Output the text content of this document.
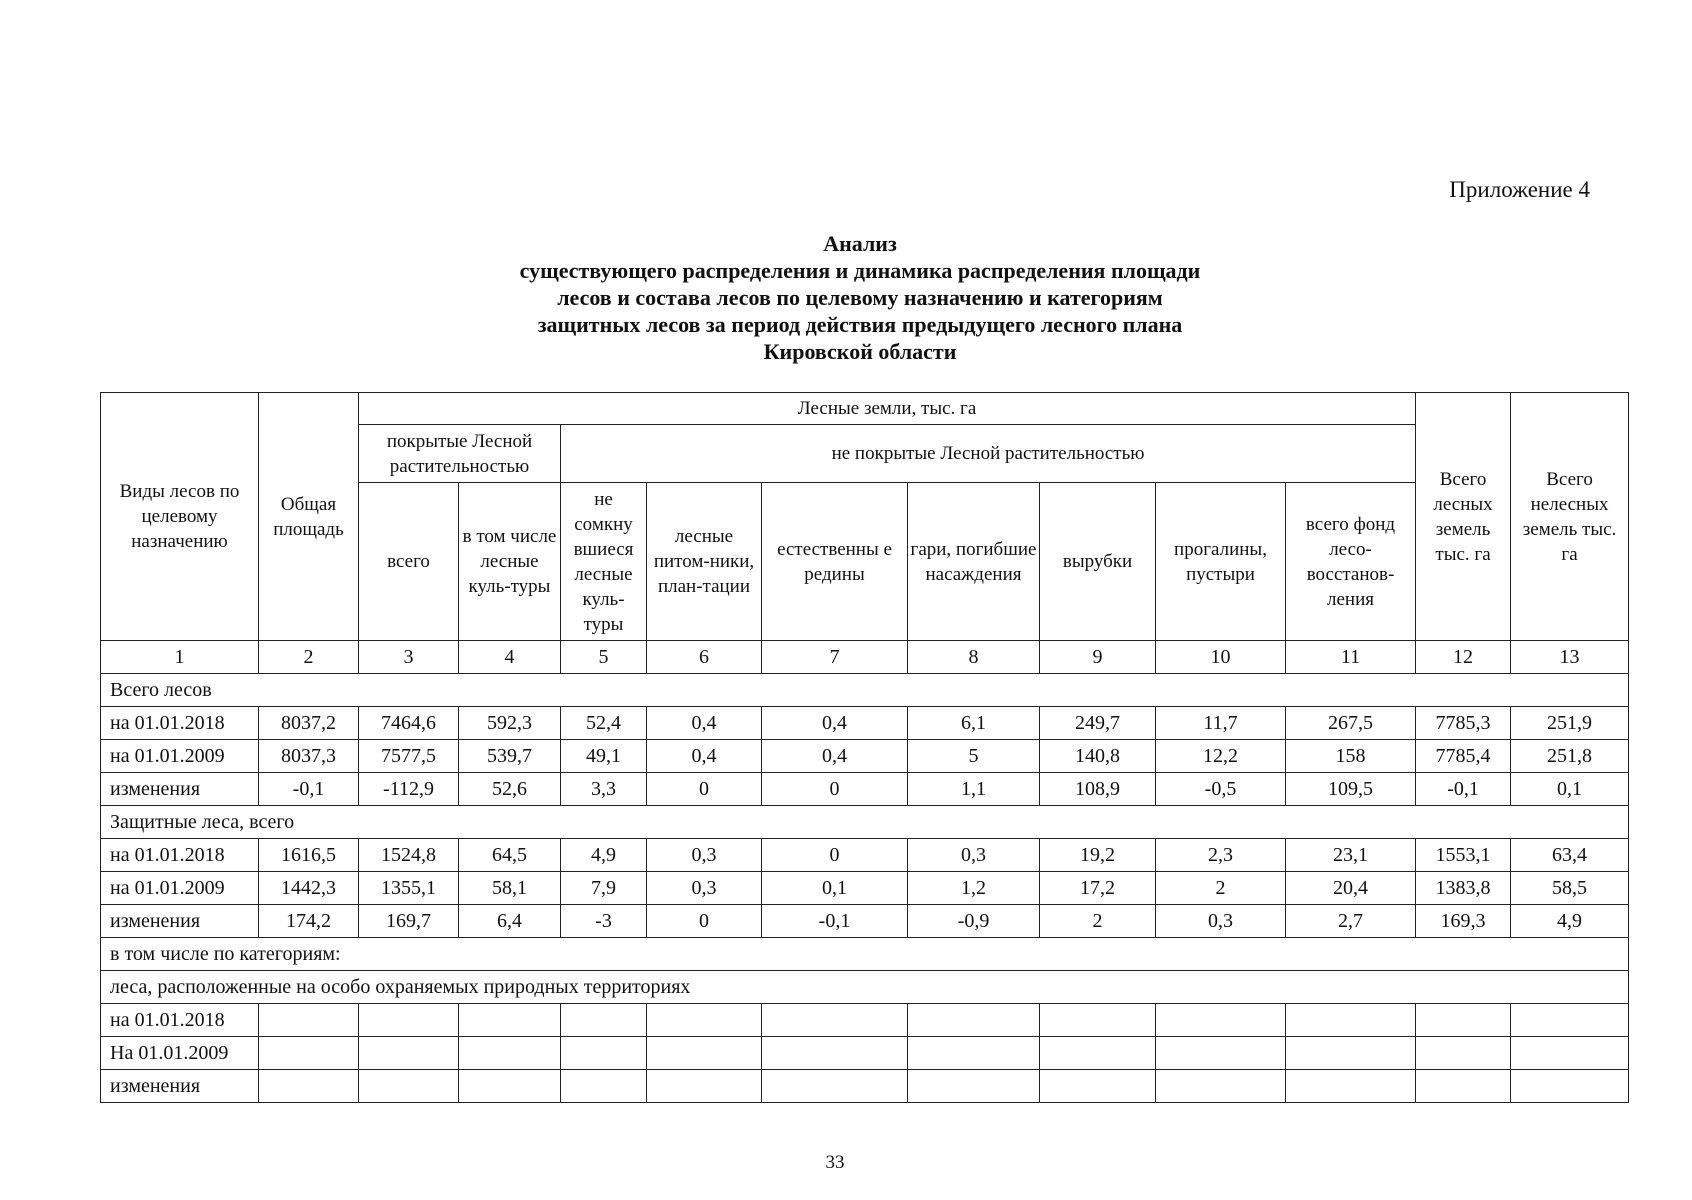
Приложение 4
Анализ
существующего распределения и динамика распределения площади
лесов и состава лесов по целевому назначению и категориям
защитных лесов за период действия предыдущего лесного плана
Кировской области
Виды лесов по целевому назначению	Общая площадь	Лесные земли, тыс. га									Всего лесных земель тыс. га	Всего нелесных земель тыс. га
		покрытые Лесной растительностью		не покрытые Лесной растительностью								
		всего	в том числе лесные куль-туры	не сомкну вшиеся лесные куль-туры	лесные питом-ники, план-тации	естественны е редины	гари, погибшие насаждения	вырубки	прогалины, пустыри	всего фонд лесо-восстанов-ления		
1	2	3	4	5	6	7	8	9	10	11	12	13
Всего лесов												
на 01.01.2018	8037,2	7464,6	592,3	52,4	0,4	0,4	6,1	249,7	11,7	267,5	7785,3	251,9
на 01.01.2009	8037,3	7577,5	539,7	49,1	0,4	0,4	5	140,8	12,2	158	7785,4	251,8
изменения	-0,1	-112,9	52,6	3,3	0	0	1,1	108,9	-0,5	109,5	-0,1	0,1
Защитные леса, всего												
на 01.01.2018	1616,5	1524,8	64,5	4,9	0,3	0	0,3	19,2	2,3	23,1	1553,1	63,4
на 01.01.2009	1442,3	1355,1	58,1	7,9	0,3	0,1	1,2	17,2	2	20,4	1383,8	58,5
изменения	174,2	169,7	6,4	-3	0	-0,1	-0,9	2	0,3	2,7	169,3	4,9
в том числе по категориям:												
леса, расположенные на особо охраняемых природных территориях												
на 01.01.2018												
На 01.01.2009												
изменения												
33
